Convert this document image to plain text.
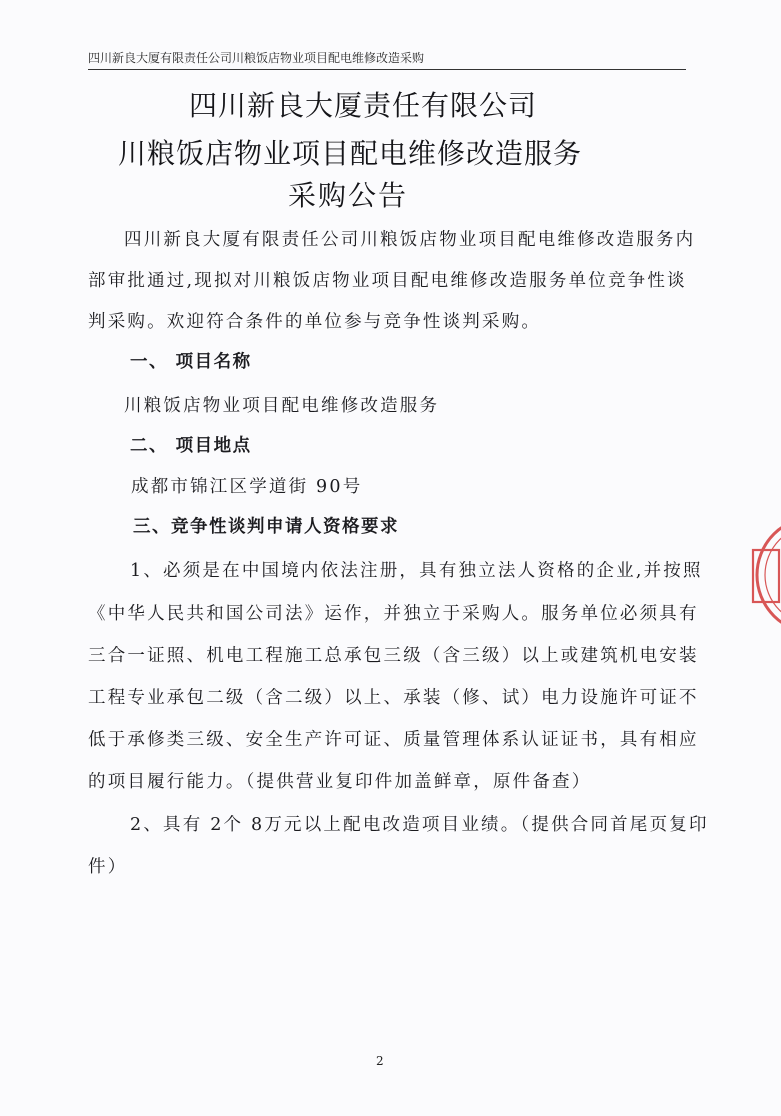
四川新良大厦有限责任公司川粮饭店物业项目配电维修改造采购
四川新良大厦责任有限公司
川粮饭店物业项目配电维修改造服务
采购公告
四川新良大厦有限责任公司川粮饭店物业项目配电维修改造服务内
部审批通过,现拟对川粮饭店物业项目配电维修改造服务单位竞争性谈
判采购。欢迎符合条件的单位参与竞争性谈判采购。
一、 项目名称
川粮饭店物业项目配电维修改造服务
二、 项目地点
成都市锦江区学道街 90号
三、竞争性谈判申请人资格要求
1、必须是在中国境内依法注册，具有独立法人资格的企业,并按照
《中华人民共和国公司法》运作，并独立于采购人。服务单位必须具有
三合一证照、机电工程施工总承包三级（含三级）以上或建筑机电安装
工程专业承包二级（含二级）以上、承装（修、试）电力设施许可证不
低于承修类三级、安全生产许可证、质量管理体系认证证书，具有相应
的项目履行能力。（提供营业复印件加盖鲜章，原件备查）
2、具有 2个 8万元以上配电改造项目业绩。（提供合同首尾页复印
件）
2
